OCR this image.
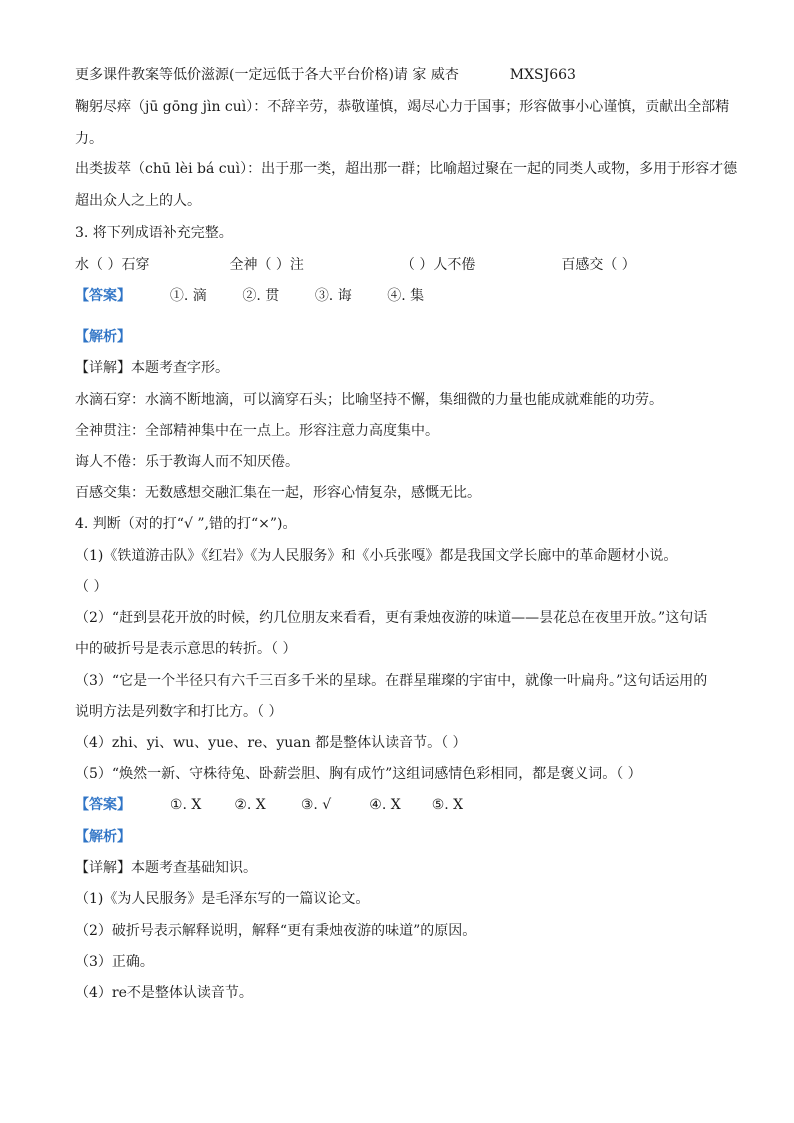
更多课件教案等低价滋源(一定远低于各大平台价格)请 家 威杏	MXSJ663
鞠躬尽瘁（jū gōng jìn cuì）：不辞辛劳，恭敬谨慎，竭尽心力于国事；形容做事小心谨慎，贡献出全部精
力。
出类拔萃（chū lèi bá cuì）：出于那一类，超出那一群；比喻超过聚在一起的同类人或物，多用于形容才德
超出众人之上的人。
3. 将下列成语补充完整。
水（ ）石穿	全神（ ）注	（ ）人不倦	百感交（ ）
【答案】	①. 滴	②. 贯	③. 诲	④. 集
【解析】
【详解】本题考查字形。
水滴石穿：水滴不断地滴，可以滴穿石头；比喻坚持不懈，集细微的力量也能成就难能的功劳。
全神贯注：全部精神集中在一点上。形容注意力高度集中。
诲人不倦：乐于教诲人而不知厌倦。
百感交集：无数感想交融汇集在一起，形容心情复杂，感慨无比。
4. 判断（对的打“√ ”,错的打“×”)。
（1)《铁道游击队》《红岩》《为人民服务》和《小兵张嘎》都是我国文学长廊中的革命题材小说。
（ ）
（2）“赶到昙花开放的时候，约几位朋友来看看，更有秉烛夜游的味道——昙花总在夜里开放。”这句话
中的破折号是表示意思的转折。（ ）
（3）“它是一个半径只有六千三百多千米的星球。在群星璀璨的宇宙中，就像一叶扁舟。”这句话运用的
说明方法是列数字和打比方。（ ）
（4）zhi、yi、wu、yue、re、yuan 都是整体认读音节。（ ）
（5）“焕然一新、守株待兔、卧薪尝胆、胸有成竹”这组词感情色彩相同，都是褒义词。（ ）
【答案】	①. X ②. X	③. √	④. X ⑤. X
【解析】
【详解】本题考查基础知识。
（1)《为人民服务》是毛泽东写的一篇议论文。
（2）破折号表示解释说明，解释“更有秉烛夜游的味道”的原因。
（3）正确。
（4）re不是整体认读音节。
